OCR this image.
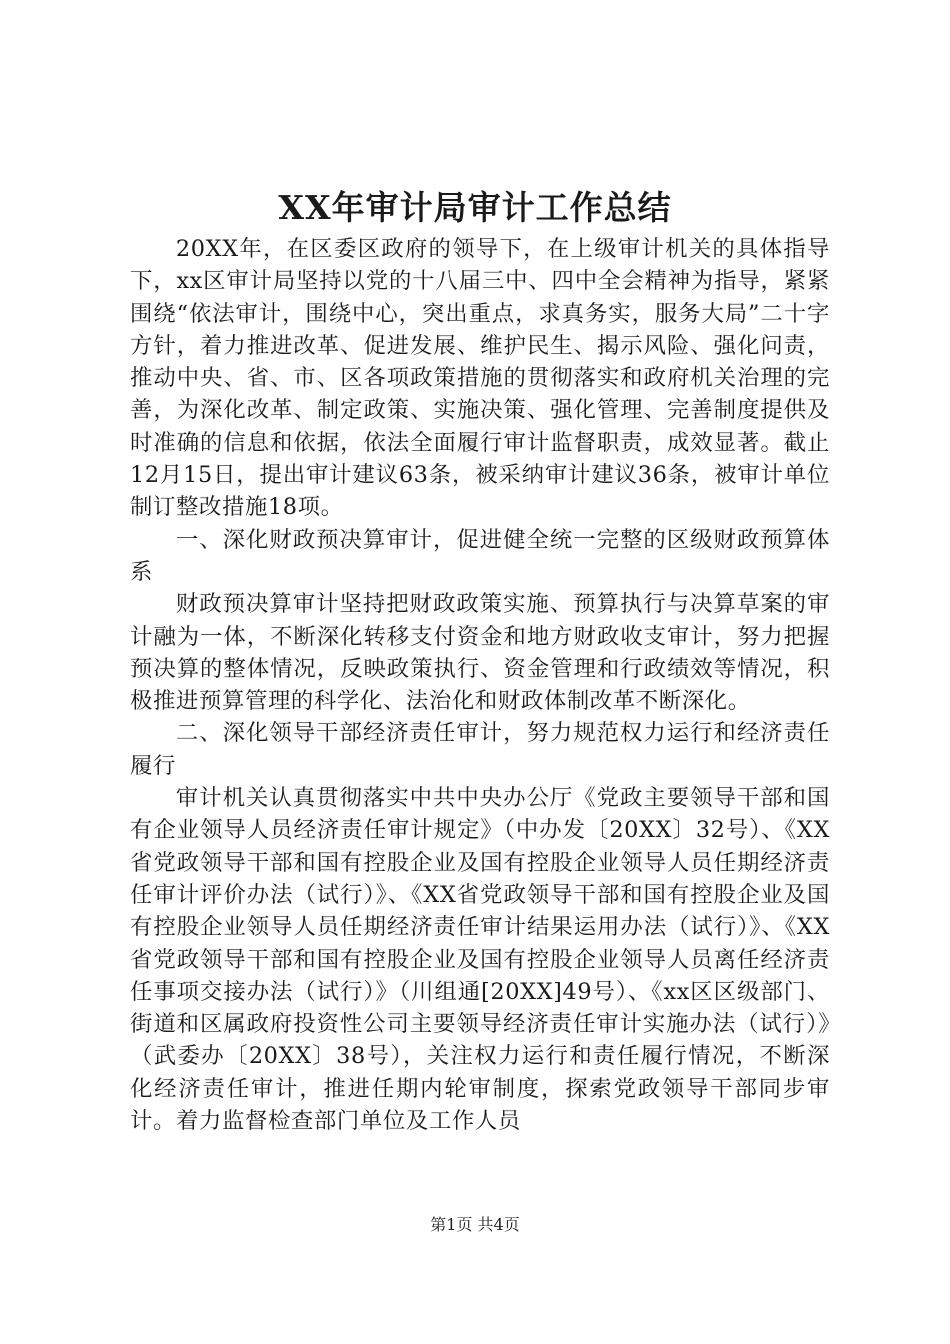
XX年审计局审计工作总结

20XX年，在区委区政府的领导下，在上级审计机关的具体指导下，xx区审计局坚持以党的十八届三中、四中全会精神为指导，紧紧围绕“依法审计，围绕中心，突出重点，求真务实，服务大局”二十字方针，着力推进改革、促进发展、维护民生、揭示风险、强化问责，推动中央、省、市、区各项政策措施的贯彻落实和政府机关治理的完善，为深化改革、制定政策、实施决策、强化管理、完善制度提供及时准确的信息和依据，依法全面履行审计监督职责，成效显著。截止12月15日，提出审计建议63条，被采纳审计建议36条，被审计单位制订整改措施18项。

一、深化财政预决算审计，促进健全统一完整的区级财政预算体系

财政预决算审计坚持把财政政策实施、预算执行与决算草案的审计融为一体，不断深化转移支付资金和地方财政收支审计，努力把握预决算的整体情况，反映政策执行、资金管理和行政绩效等情况，积极推进预算管理的科学化、法治化和财政体制改革不断深化。

二、深化领导干部经济责任审计，努力规范权力运行和经济责任履行

审计机关认真贯彻落实中共中央办公厅《党政主要领导干部和国有企业领导人员经济责任审计规定》（中办发〔20XX〕32号）、《XX省党政领导干部和国有控股企业及国有控股企业领导人员任期经济责任审计评价办法（试行）》、《XX省党政领导干部和国有控股企业及国有控股企业领导人员任期经济责任审计结果运用办法（试行）》、《XX省党政领导干部和国有控股企业及国有控股企业领导人员离任经济责任事项交接办法（试行）》（川组通[20XX]49号）、《xx区区级部门、街道和区属政府投资性公司主要领导经济责任审计实施办法（试行）》（武委办〔20XX〕38号），关注权力运行和责任履行情况，不断深化经济责任审计，推进任期内轮审制度，探索党政领导干部同步审计。着力监督检查部门单位及工作人员

第1页 共4页
